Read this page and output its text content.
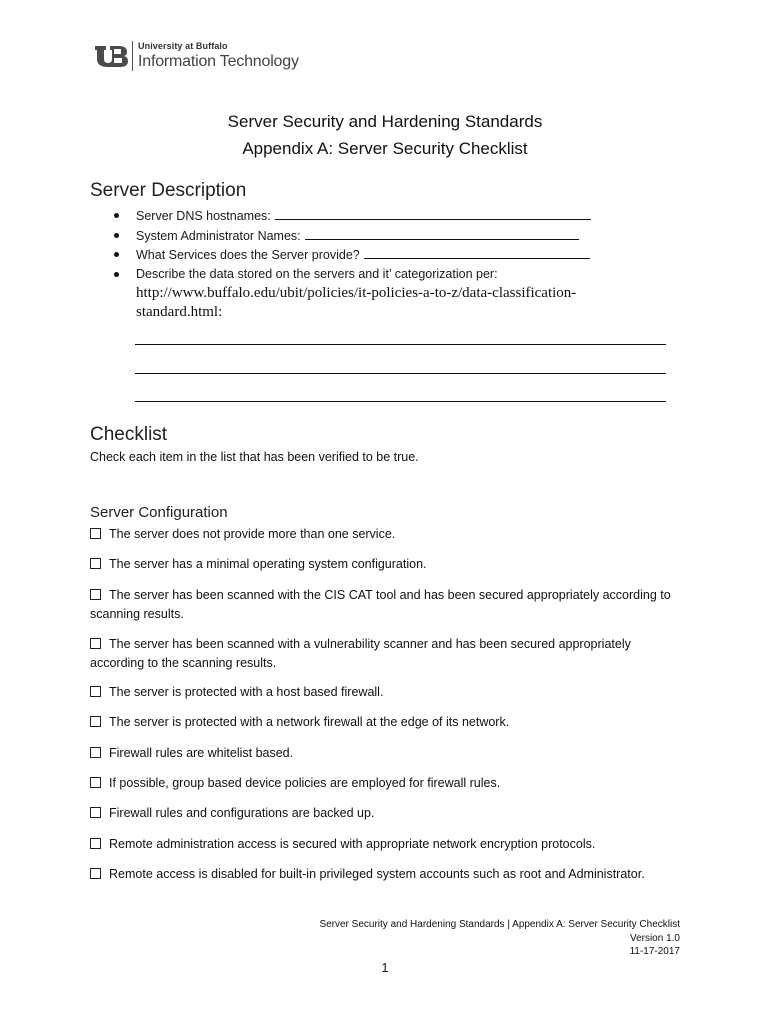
University at Buffalo
Information Technology
Server Security and Hardening Standards
Appendix A: Server Security Checklist
Server Description
Server DNS hostnames:
System Administrator Names:
What Services does the Server provide?
Describe the data stored on the servers and it’ categorization per:
http://www.buffalo.edu/ubit/policies/it-policies-a-to-z/data-classification-
standard.html:
Checklist
Check each item in the list that has been verified to be true.
Server Configuration
The server does not provide more than one service.
The server has a minimal operating system configuration.
The server has been scanned with the CIS CAT tool and has been secured appropriately according to
scanning results.
The server has been scanned with a vulnerability scanner and has been secured appropriately
according to the scanning results.
The server is protected with a host based firewall.
The server is protected with a network firewall at the edge of its network.
Firewall rules are whitelist based.
If possible, group based device policies are employed for firewall rules.
Firewall rules and configurations are backed up.
Remote administration access is secured with appropriate network encryption protocols.
Remote access is disabled for built-in privileged system accounts such as root and Administrator.
Server Security and Hardening Standards | Appendix A: Server Security Checklist
Version 1.0
11-17-2017
1
